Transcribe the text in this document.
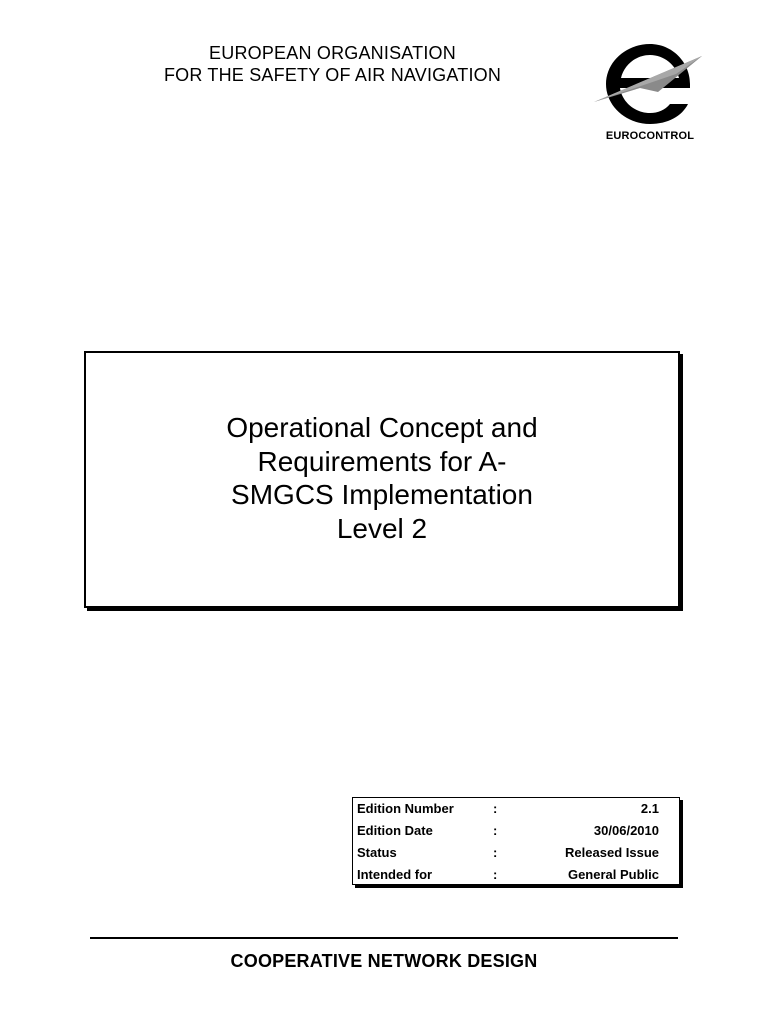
EUROPEAN ORGANISATION
FOR THE SAFETY OF AIR NAVIGATION
EUROCONTROL
Operational Concept and
Requirements for A-
SMGCS Implementation
Level 2
Edition Number	:	2.1
Edition Date	:	30/06/2010
Status	:	Released Issue
Intended for	:	General Public
COOPERATIVE NETWORK DESIGN
